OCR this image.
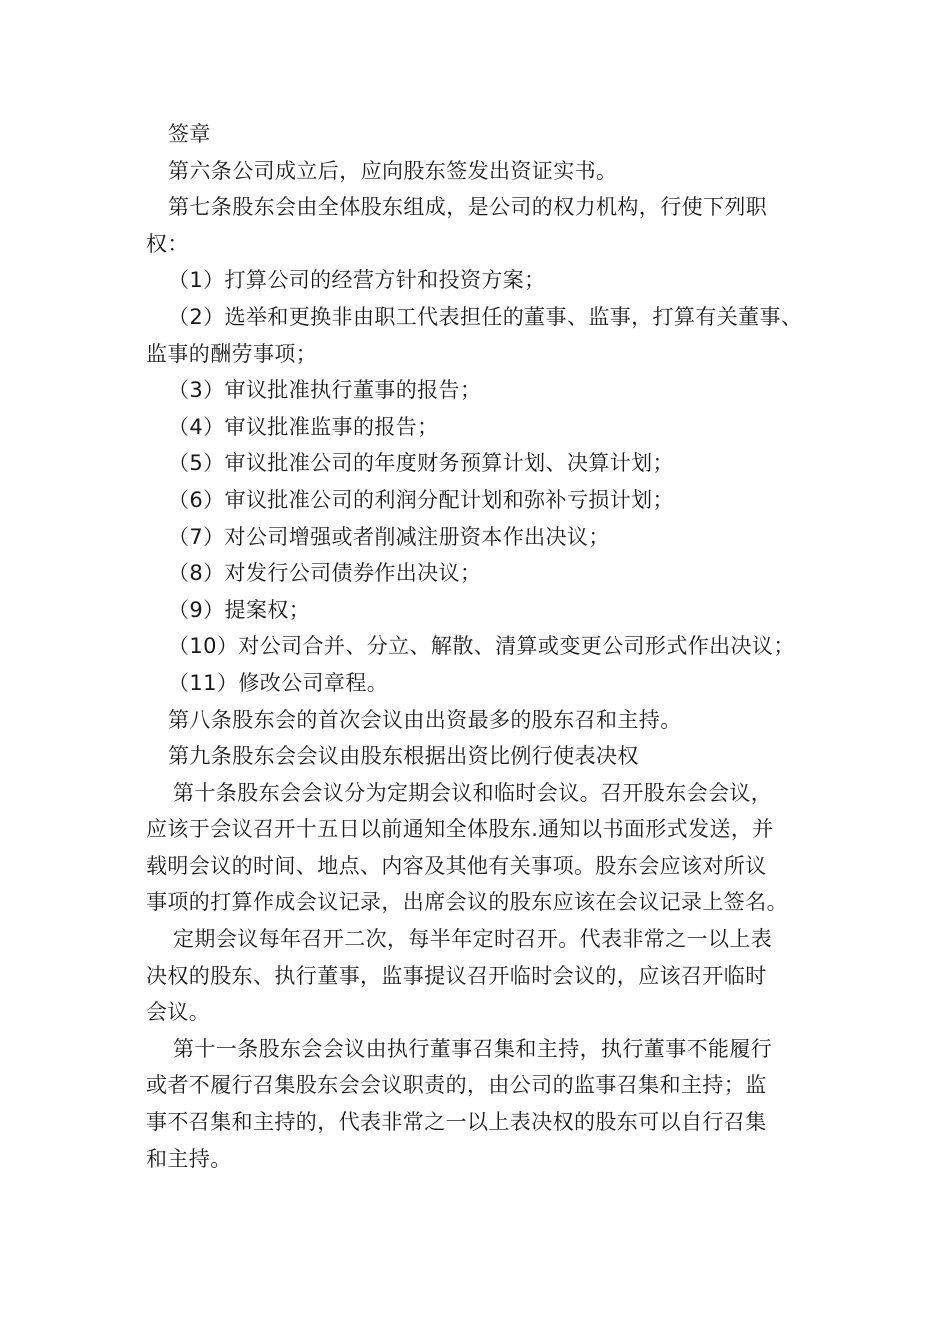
签章

第六条公司成立后，应向股东签发出资证实书。

第七条股东会由全体股东组成，是公司的权力机构，行使下列职

权：

（1）打算公司的经营方针和投资方案；

（2）选举和更换非由职工代表担任的董事、监事，打算有关董事、

监事的酬劳事项；

（3）审议批准执行董事的报告；

（4）审议批准监事的报告；

（5）审议批准公司的年度财务预算计划、决算计划；

（6）审议批准公司的利润分配计划和弥补亏损计划；

（7）对公司增强或者削减注册资本作出决议；

（8）对发行公司债券作出决议；

（9）提案权；

（10）对公司合并、分立、解散、清算或变更公司形式作出决议；

（11）修改公司章程。

第八条股东会的首次会议由出资最多的股东召和主持。

第九条股东会会议由股东根据出资比例行使表决权

第十条股东会会议分为定期会议和临时会议。召开股东会会议，

应该于会议召开十五日以前通知全体股东.通知以书面形式发送，并

载明会议的时间、地点、内容及其他有关事项。股东会应该对所议

事项的打算作成会议记录，出席会议的股东应该在会议记录上签名。

定期会议每年召开二次，每半年定时召开。代表非常之一以上表

决权的股东、执行董事，监事提议召开临时会议的，应该召开临时

会议。

第十一条股东会会议由执行董事召集和主持，执行董事不能履行

或者不履行召集股东会会议职责的，由公司的监事召集和主持；监

事不召集和主持的，代表非常之一以上表决权的股东可以自行召集

和主持。
